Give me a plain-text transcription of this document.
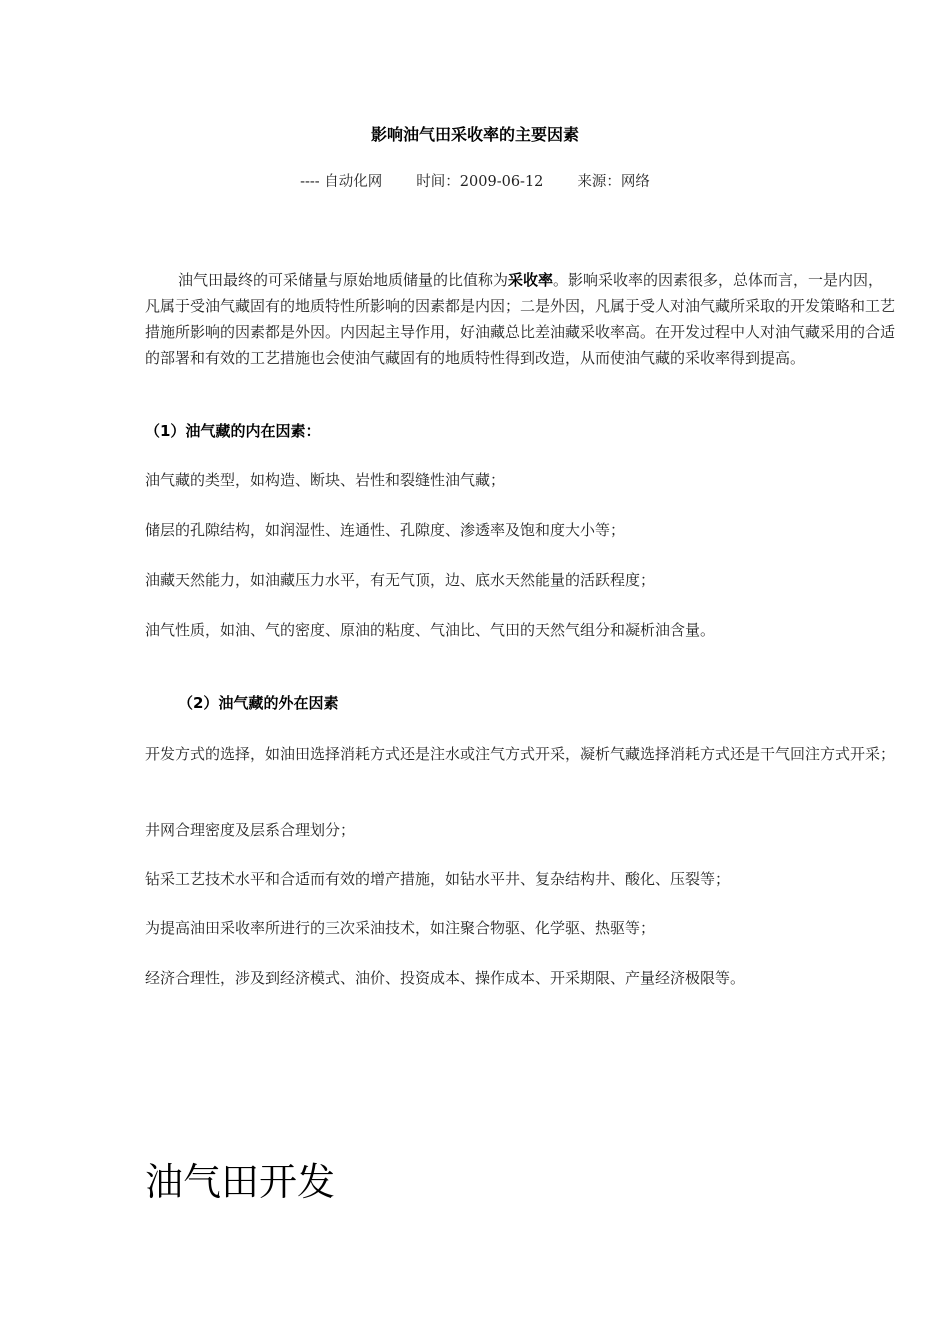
影响油气田采收率的主要因素
---- 自动化网 时间：2009-06-12 来源：网络
油气田最终的可采储量与原始地质储量的比值称为采收率。影响采收率的因素很多，总体而言，一是内因，凡属于受油气藏固有的地质特性所影响的因素都是内因；二是外因，凡属于受人对油气藏所采取的开发策略和工艺措施所影响的因素都是外因。内因起主导作用，好油藏总比差油藏采收率高。在开发过程中人对油气藏采用的合适的部署和有效的工艺措施也会使油气藏固有的地质特性得到改造，从而使油气藏的采收率得到提高。
（1）油气藏的内在因素：
油气藏的类型，如构造、断块、岩性和裂缝性油气藏；
储层的孔隙结构，如润湿性、连通性、孔隙度、渗透率及饱和度大小等；
油藏天然能力，如油藏压力水平，有无气顶，边、底水天然能量的活跃程度；
油气性质，如油、气的密度、原油的粘度、气油比、气田的天然气组分和凝析油含量。
（2）油气藏的外在因素
开发方式的选择，如油田选择消耗方式还是注水或注气方式开采，凝析气藏选择消耗方式还是干气回注方式开采；
井网合理密度及层系合理划分；
钻采工艺技术水平和合适而有效的增产措施，如钻水平井、复杂结构井、酸化、压裂等；
为提高油田采收率所进行的三次采油技术，如注聚合物驱、化学驱、热驱等；
经济合理性，涉及到经济模式、油价、投资成本、操作成本、开采期限、产量经济极限等。
油气田开发
